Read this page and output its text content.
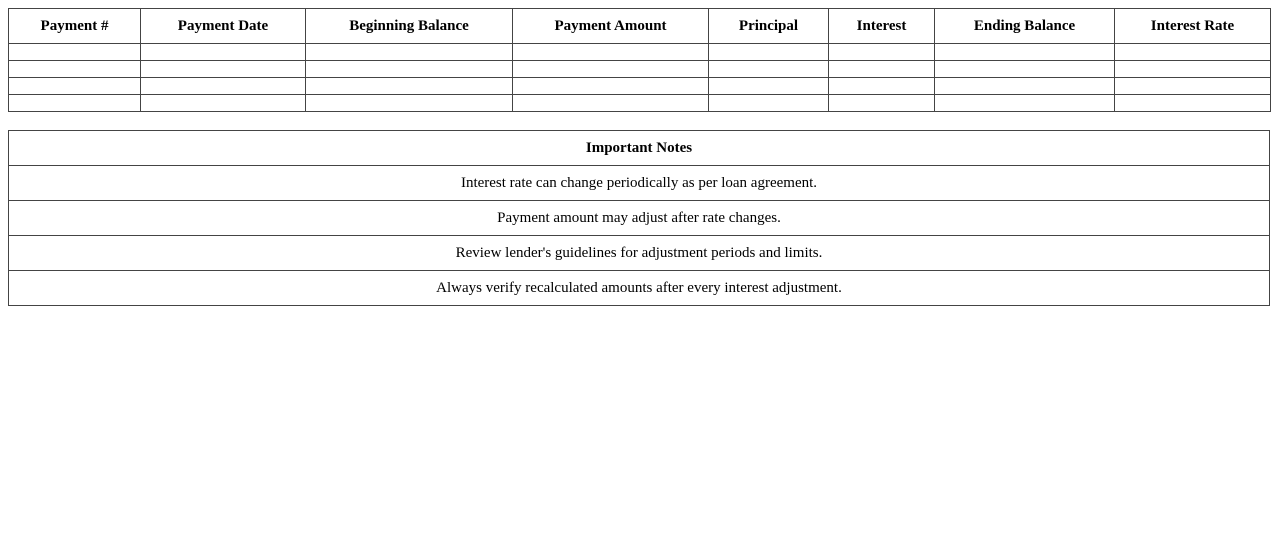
Payment #	Payment Date	Beginning Balance	Payment Amount	Principal	Interest	Ending Balance	Interest Rate

Important Notes
Interest rate can change periodically as per loan agreement.
Payment amount may adjust after rate changes.
Review lender's guidelines for adjustment periods and limits.
Always verify recalculated amounts after every interest adjustment.
